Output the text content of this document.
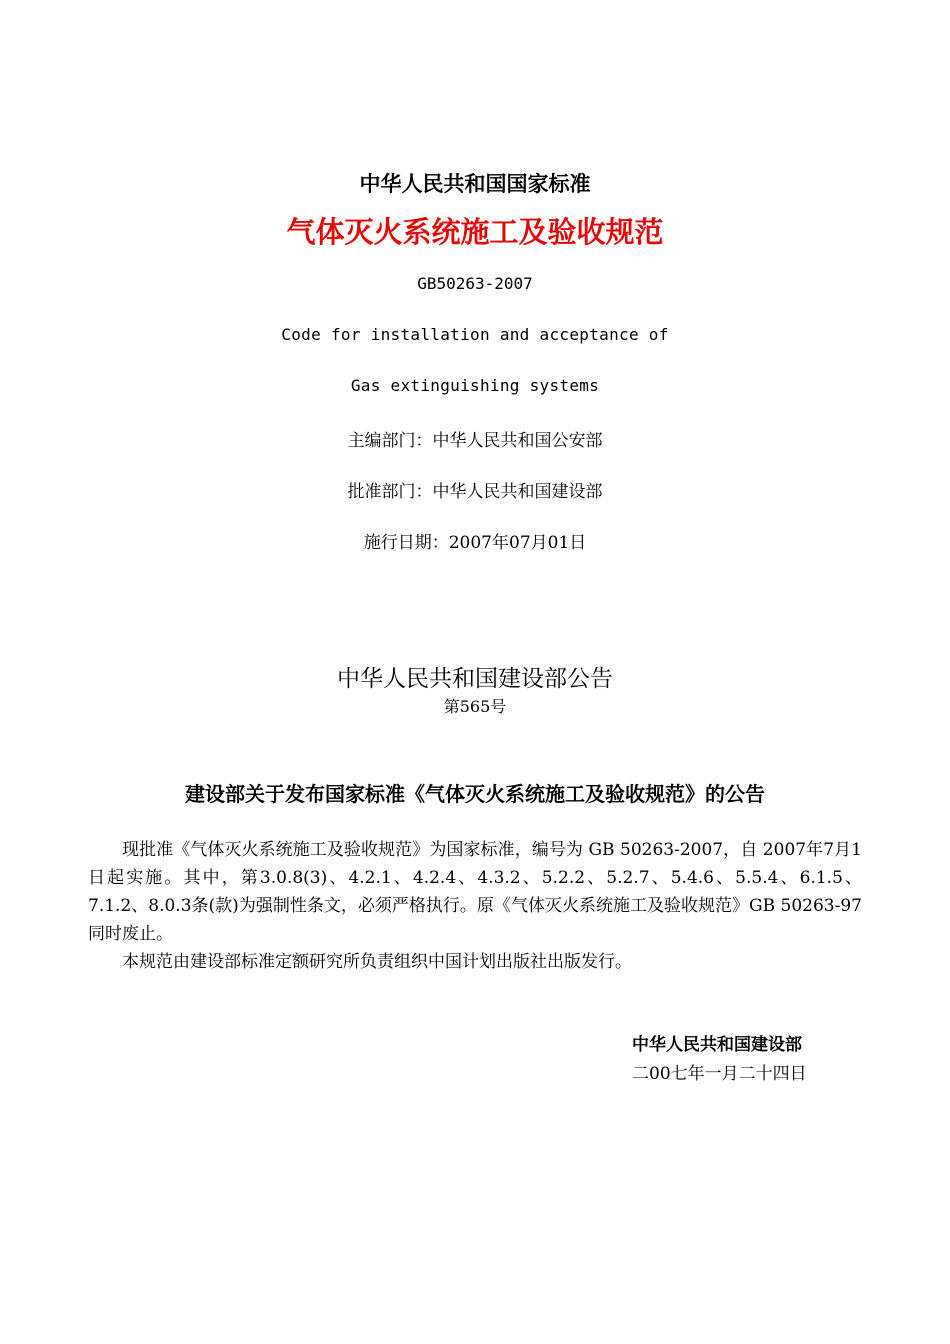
中华人民共和国国家标准
气体灭火系统施工及验收规范
GB50263-2007
Code for installation and acceptance of
Gas extinguishing systems
主编部门：中华人民共和国公安部
批准部门：中华人民共和国建设部
施行日期：2007年07月01日
中华人民共和国建设部公告
第565号
建设部关于发布国家标准《气体灭火系统施工及验收规范》的公告

现批准《气体灭火系统施工及验收规范》为国家标准，编号为 GB 50263-2007，自 2007年7月1日起实施。其中，第3.0.8(3)、4.2.1、4.2.4、4.3.2、5.2.2、5.2.7、5.4.6、5.5.4、6.1.5、7.1.2、8.0.3条(款)为强制性条文，必须严格执行。原《气体灭火系统施工及验收规范》GB 50263-97同时废止。

本规范由建设部标准定额研究所负责组织中国计划出版社出版发行。

中华人民共和国建设部
二00七年一月二十四日
